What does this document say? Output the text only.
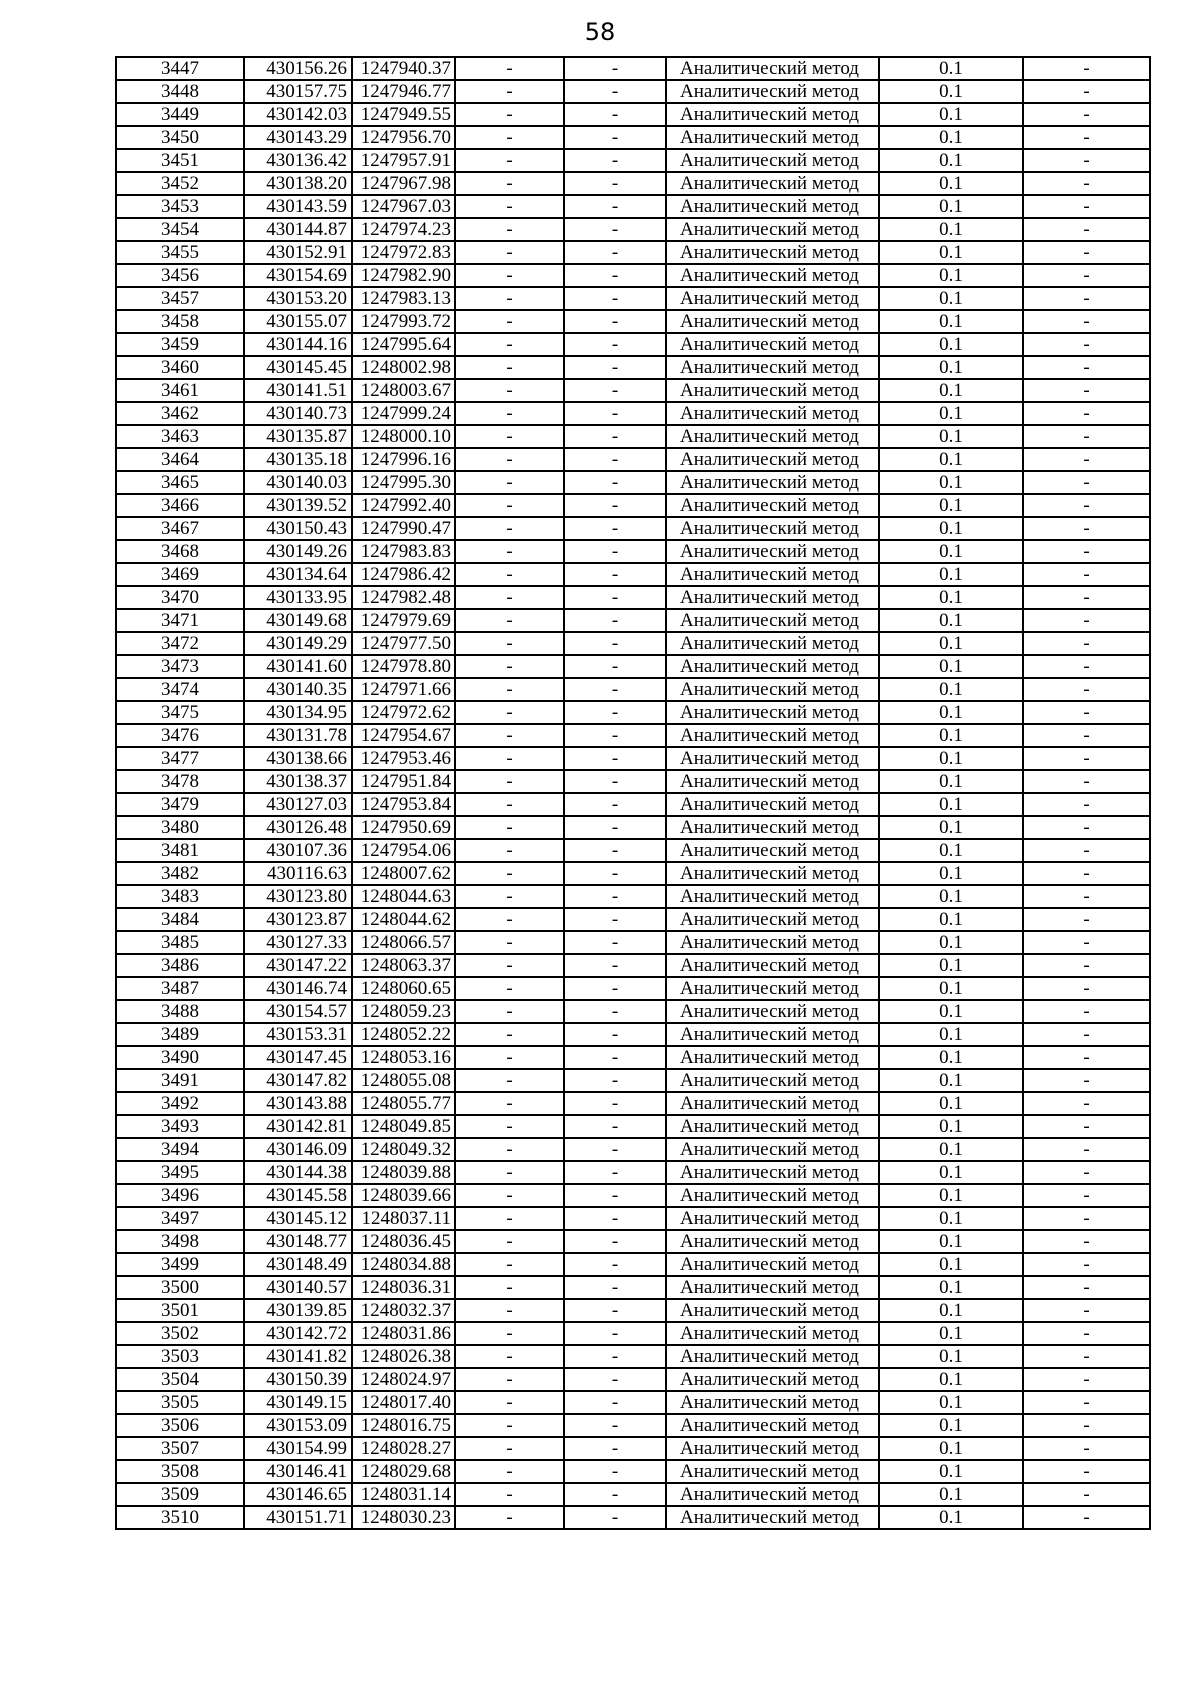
58
3447	430156.26	1247940.37	-	-	Аналитический метод	0.1	-
3448	430157.75	1247946.77	-	-	Аналитический метод	0.1	-
3449	430142.03	1247949.55	-	-	Аналитический метод	0.1	-
3450	430143.29	1247956.70	-	-	Аналитический метод	0.1	-
3451	430136.42	1247957.91	-	-	Аналитический метод	0.1	-
3452	430138.20	1247967.98	-	-	Аналитический метод	0.1	-
3453	430143.59	1247967.03	-	-	Аналитический метод	0.1	-
3454	430144.87	1247974.23	-	-	Аналитический метод	0.1	-
3455	430152.91	1247972.83	-	-	Аналитический метод	0.1	-
3456	430154.69	1247982.90	-	-	Аналитический метод	0.1	-
3457	430153.20	1247983.13	-	-	Аналитический метод	0.1	-
3458	430155.07	1247993.72	-	-	Аналитический метод	0.1	-
3459	430144.16	1247995.64	-	-	Аналитический метод	0.1	-
3460	430145.45	1248002.98	-	-	Аналитический метод	0.1	-
3461	430141.51	1248003.67	-	-	Аналитический метод	0.1	-
3462	430140.73	1247999.24	-	-	Аналитический метод	0.1	-
3463	430135.87	1248000.10	-	-	Аналитический метод	0.1	-
3464	430135.18	1247996.16	-	-	Аналитический метод	0.1	-
3465	430140.03	1247995.30	-	-	Аналитический метод	0.1	-
3466	430139.52	1247992.40	-	-	Аналитический метод	0.1	-
3467	430150.43	1247990.47	-	-	Аналитический метод	0.1	-
3468	430149.26	1247983.83	-	-	Аналитический метод	0.1	-
3469	430134.64	1247986.42	-	-	Аналитический метод	0.1	-
3470	430133.95	1247982.48	-	-	Аналитический метод	0.1	-
3471	430149.68	1247979.69	-	-	Аналитический метод	0.1	-
3472	430149.29	1247977.50	-	-	Аналитический метод	0.1	-
3473	430141.60	1247978.80	-	-	Аналитический метод	0.1	-
3474	430140.35	1247971.66	-	-	Аналитический метод	0.1	-
3475	430134.95	1247972.62	-	-	Аналитический метод	0.1	-
3476	430131.78	1247954.67	-	-	Аналитический метод	0.1	-
3477	430138.66	1247953.46	-	-	Аналитический метод	0.1	-
3478	430138.37	1247951.84	-	-	Аналитический метод	0.1	-
3479	430127.03	1247953.84	-	-	Аналитический метод	0.1	-
3480	430126.48	1247950.69	-	-	Аналитический метод	0.1	-
3481	430107.36	1247954.06	-	-	Аналитический метод	0.1	-
3482	430116.63	1248007.62	-	-	Аналитический метод	0.1	-
3483	430123.80	1248044.63	-	-	Аналитический метод	0.1	-
3484	430123.87	1248044.62	-	-	Аналитический метод	0.1	-
3485	430127.33	1248066.57	-	-	Аналитический метод	0.1	-
3486	430147.22	1248063.37	-	-	Аналитический метод	0.1	-
3487	430146.74	1248060.65	-	-	Аналитический метод	0.1	-
3488	430154.57	1248059.23	-	-	Аналитический метод	0.1	-
3489	430153.31	1248052.22	-	-	Аналитический метод	0.1	-
3490	430147.45	1248053.16	-	-	Аналитический метод	0.1	-
3491	430147.82	1248055.08	-	-	Аналитический метод	0.1	-
3492	430143.88	1248055.77	-	-	Аналитический метод	0.1	-
3493	430142.81	1248049.85	-	-	Аналитический метод	0.1	-
3494	430146.09	1248049.32	-	-	Аналитический метод	0.1	-
3495	430144.38	1248039.88	-	-	Аналитический метод	0.1	-
3496	430145.58	1248039.66	-	-	Аналитический метод	0.1	-
3497	430145.12	1248037.11	-	-	Аналитический метод	0.1	-
3498	430148.77	1248036.45	-	-	Аналитический метод	0.1	-
3499	430148.49	1248034.88	-	-	Аналитический метод	0.1	-
3500	430140.57	1248036.31	-	-	Аналитический метод	0.1	-
3501	430139.85	1248032.37	-	-	Аналитический метод	0.1	-
3502	430142.72	1248031.86	-	-	Аналитический метод	0.1	-
3503	430141.82	1248026.38	-	-	Аналитический метод	0.1	-
3504	430150.39	1248024.97	-	-	Аналитический метод	0.1	-
3505	430149.15	1248017.40	-	-	Аналитический метод	0.1	-
3506	430153.09	1248016.75	-	-	Аналитический метод	0.1	-
3507	430154.99	1248028.27	-	-	Аналитический метод	0.1	-
3508	430146.41	1248029.68	-	-	Аналитический метод	0.1	-
3509	430146.65	1248031.14	-	-	Аналитический метод	0.1	-
3510	430151.71	1248030.23	-	-	Аналитический метод	0.1	-
